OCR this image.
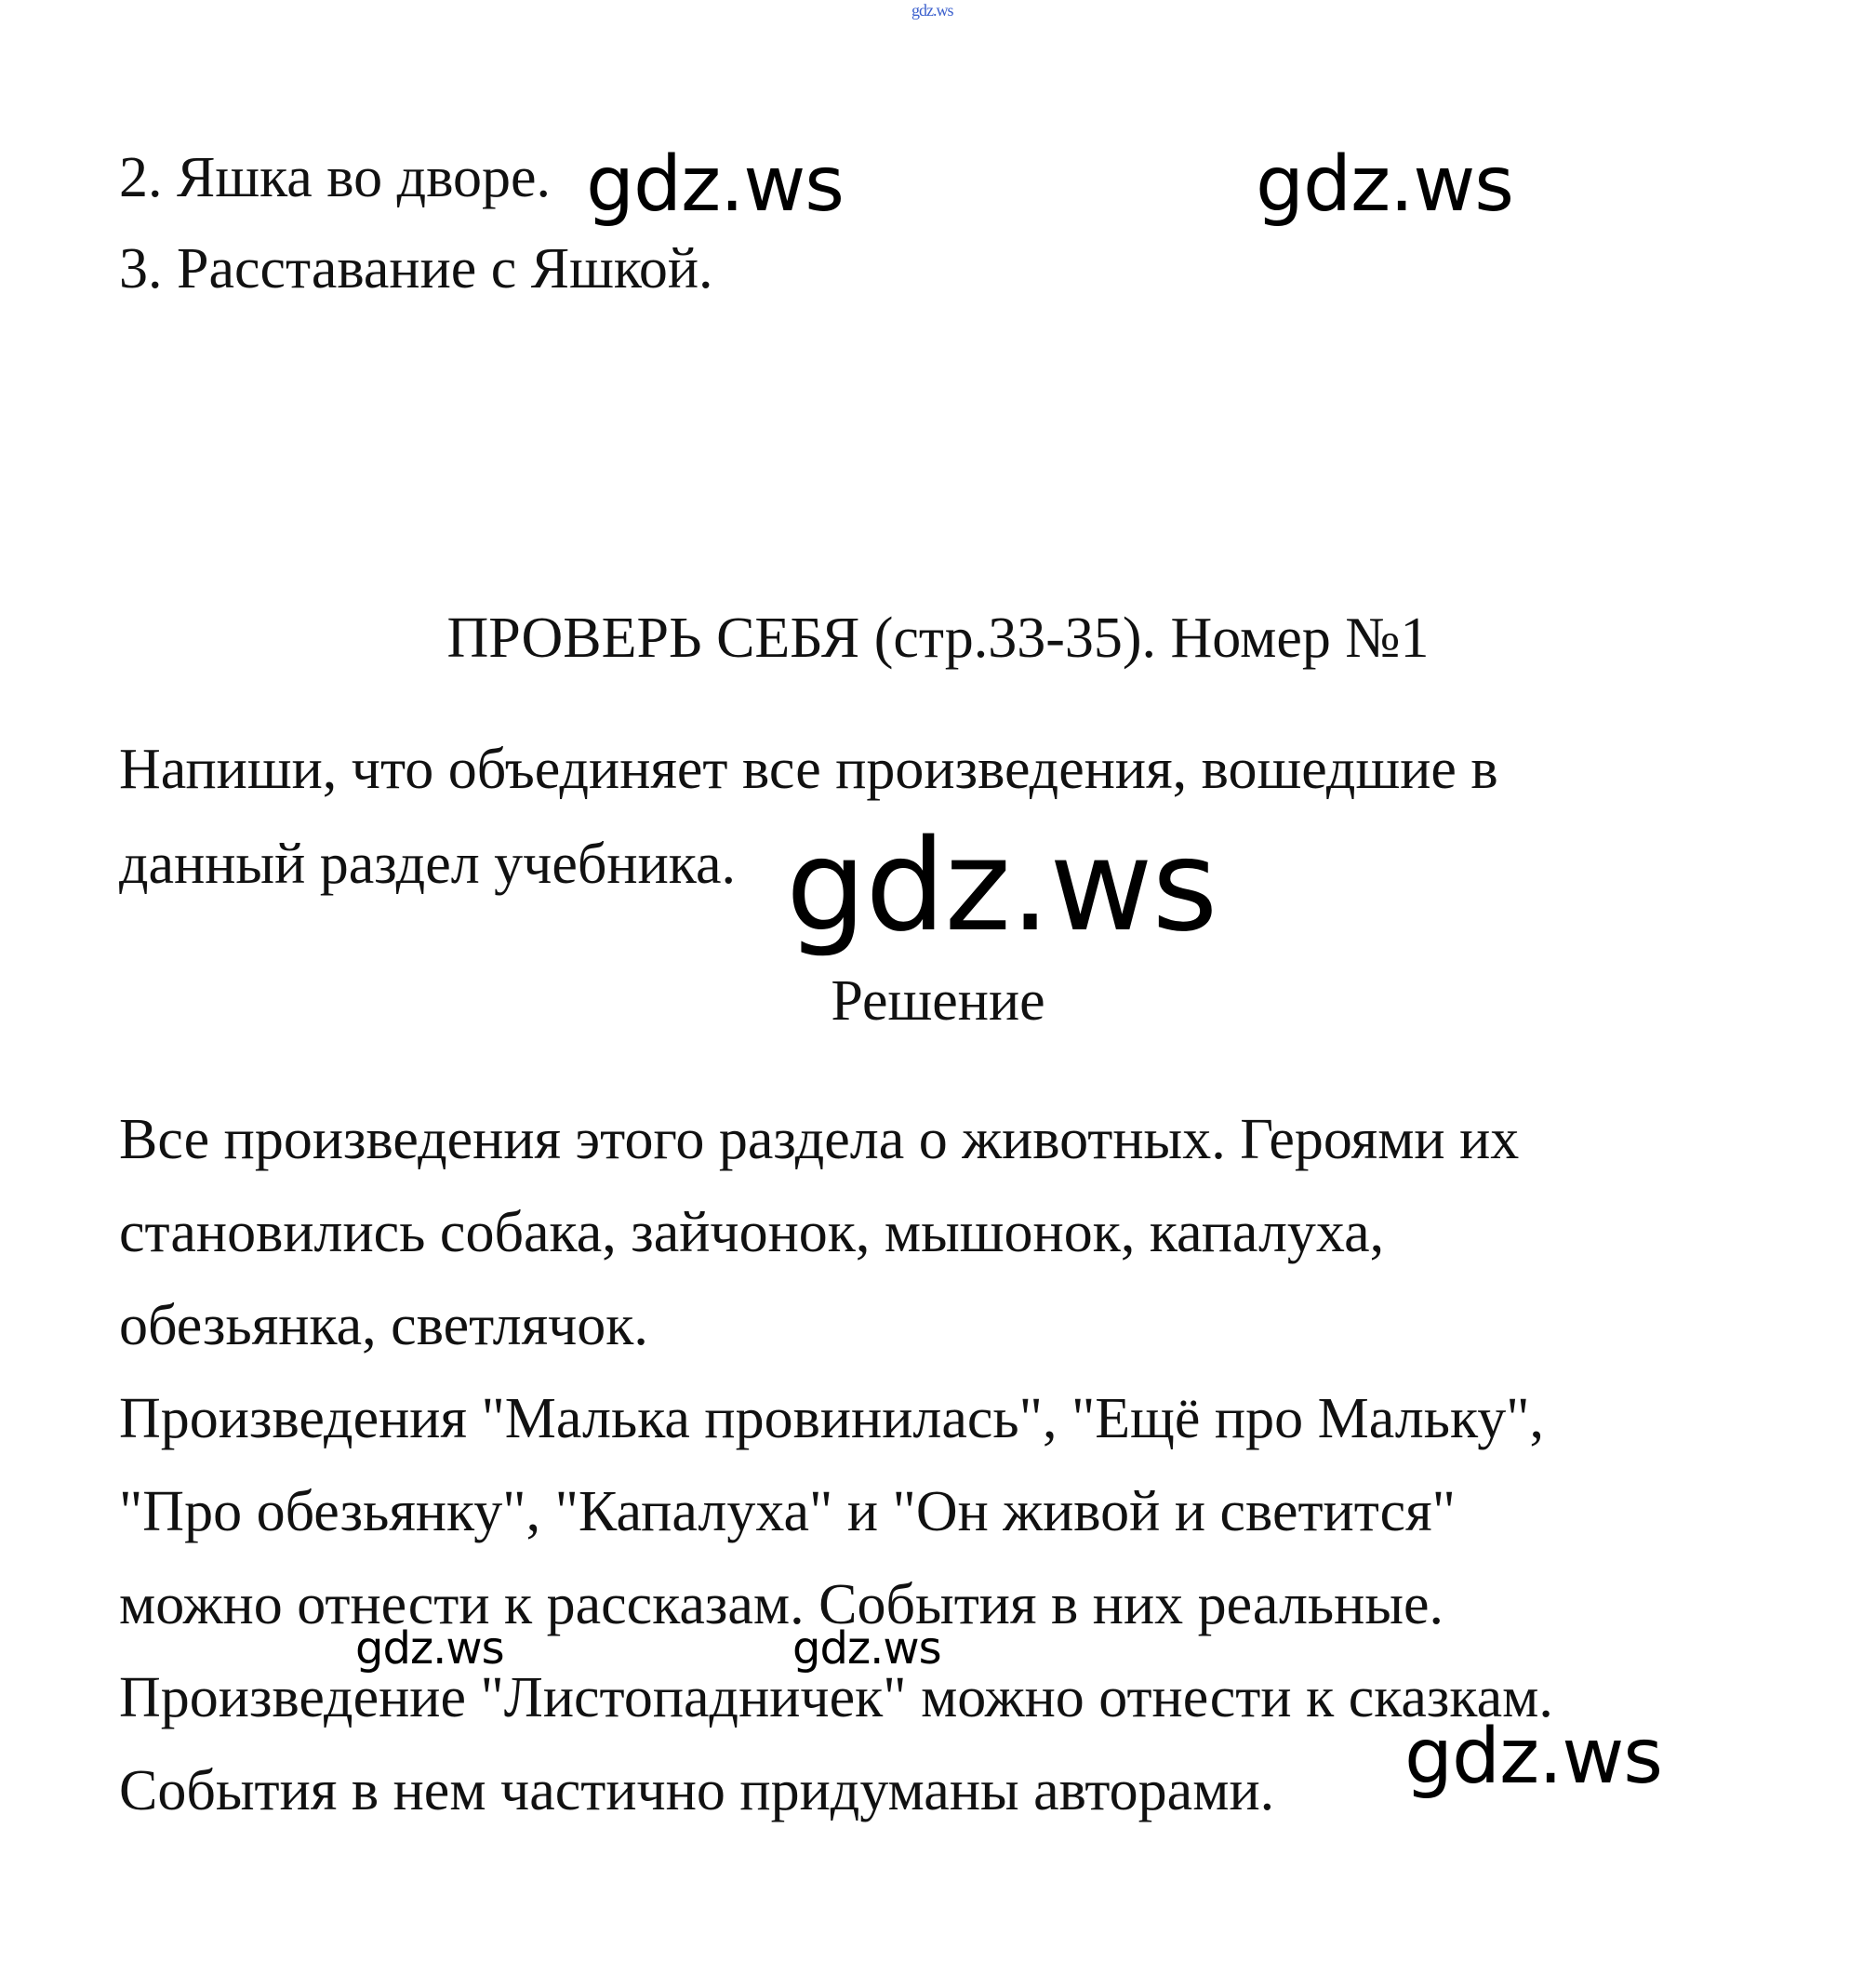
gdz.ws
2. Яшка во дворе. gdz.ws	gdz.ws
3. Расставание с Яшкой.
ПРОВЕРЬ СЕБЯ (стр.33-35). Номер №1
Напиши, что объединяет все произведения, вошедшие в
данный раздел учебника. gdz.ws
Решение
Все произведения этого раздела о животных. Героями их
становились собака, зайчонок, мышонок, капалуха,
обезьянка, светлячок.
Произведения "Малька провинилась", "Ещё про Мальку",
"Про обезьянку", "Капалуха" и "Он живой и светится"
можно отнести к рассказам. События в них реальные.
gdz.ws	gdz.ws
Произведение "Листопадничек" можно отнести к сказкам.
События в нем частично придуманы авторами. gdz.ws
